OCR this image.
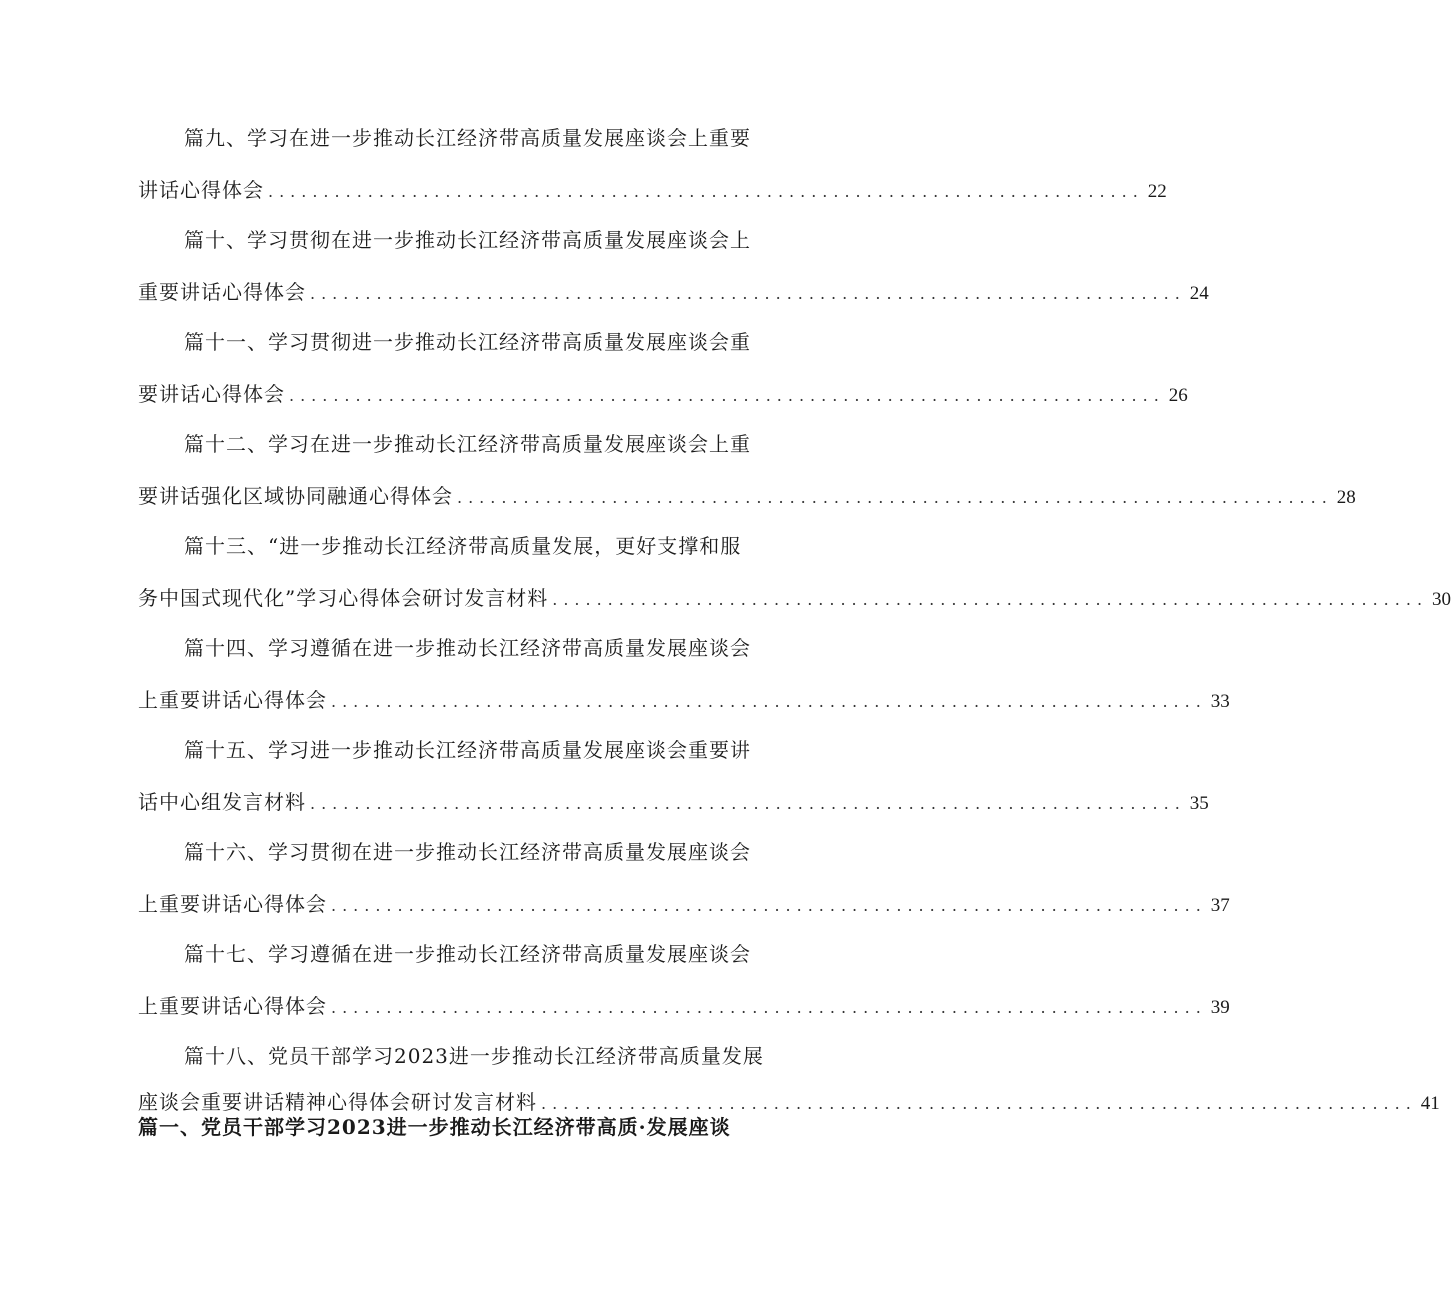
篇九、学习在进一步推动长江经济带高质量发展座谈会上重要
讲话心得体会 ............................................................................... 22
篇十、学习贯彻在进一步推动长江经济带高质量发展座谈会上
重要讲话心得体会 ............................................................................... 24
篇十一、学习贯彻进一步推动长江经济带高质量发展座谈会重
要讲话心得体会 ............................................................................... 26
篇十二、学习在进一步推动长江经济带高质量发展座谈会上重
要讲话强化区域协同融通心得体会 ............................................................................... 28
篇十三、“进一步推动长江经济带高质量发展，更好支撑和服
务中国式现代化”学习心得体会研讨发言材料 ............................................................................... 30
篇十四、学习遵循在进一步推动长江经济带高质量发展座谈会
上重要讲话心得体会 ............................................................................... 33
篇十五、学习进一步推动长江经济带高质量发展座谈会重要讲
话中心组发言材料 ............................................................................... 35
篇十六、学习贯彻在进一步推动长江经济带高质量发展座谈会
上重要讲话心得体会 ............................................................................... 37
篇十七、学习遵循在进一步推动长江经济带高质量发展座谈会
上重要讲话心得体会 ............................................................................... 39
篇十八、党员干部学习2023进一步推动长江经济带高质量发展
座谈会重要讲话精神心得体会研讨发言材料 ............................................................................... 41
篇一、党员干部学习2023进一步推动长江经济带高质·发展座谈
